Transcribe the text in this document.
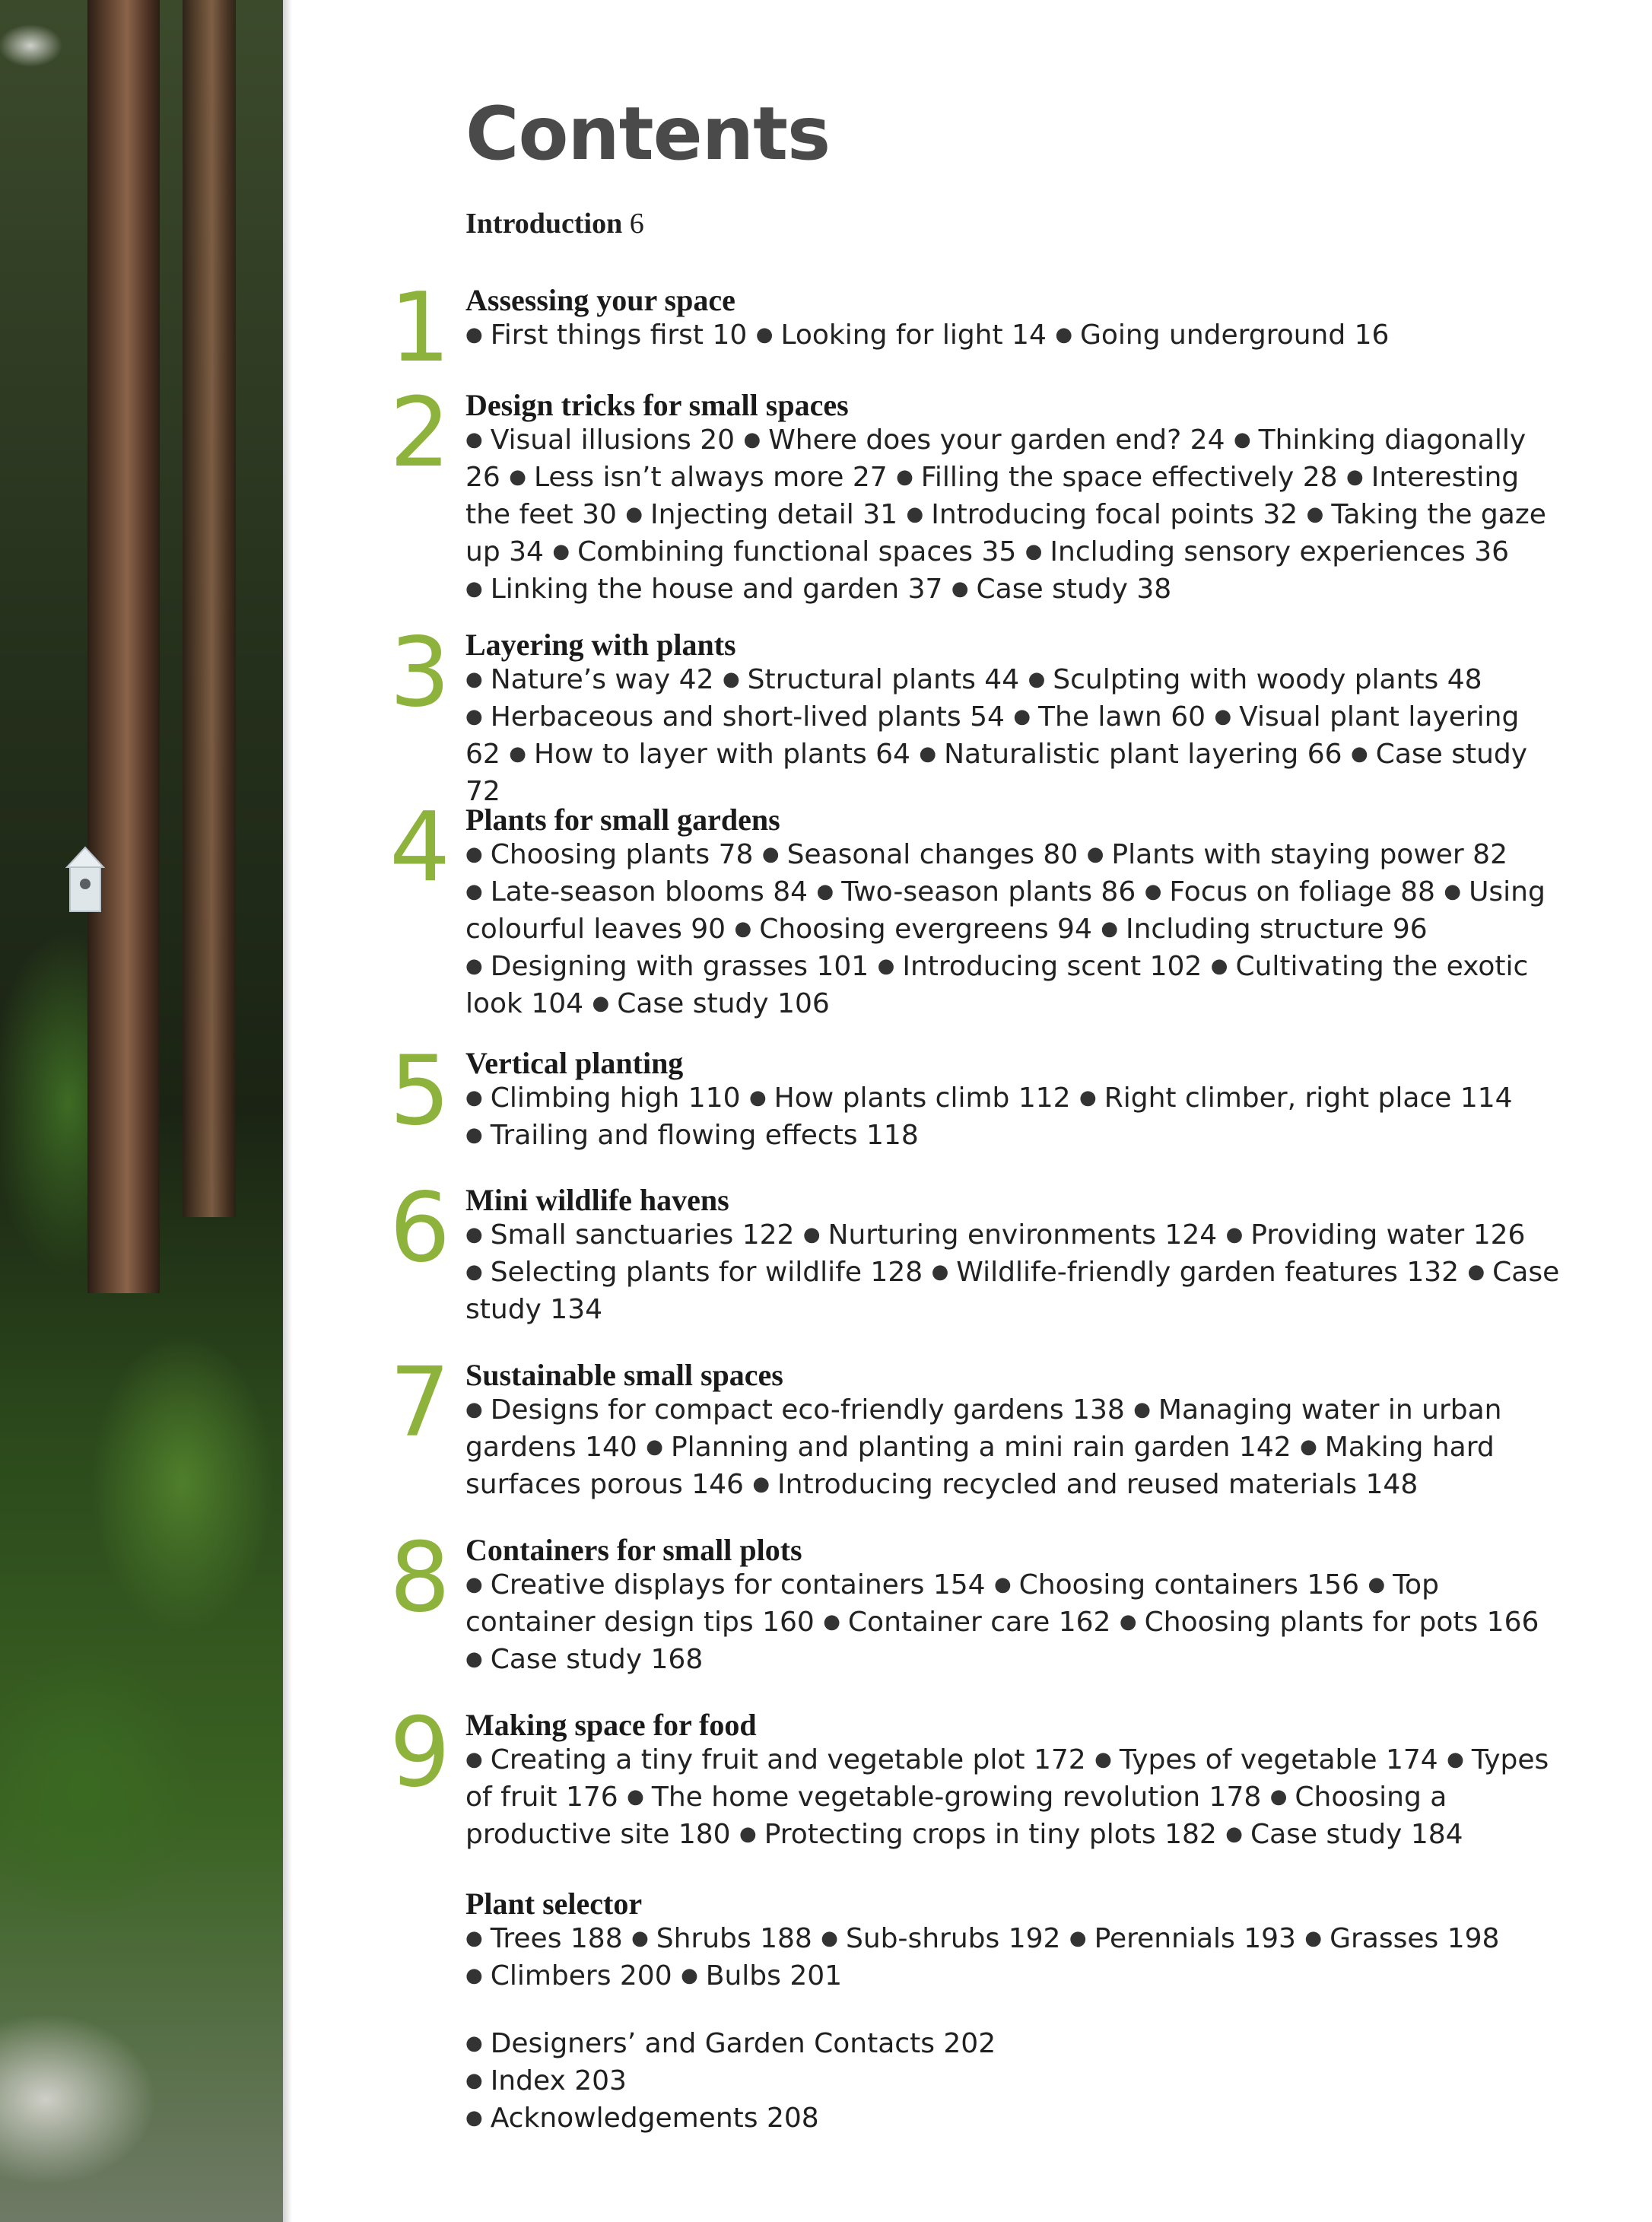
Contents
Introduction 6
1 Assessing your space
● First things first 10 ● Looking for light 14 ● Going underground 16
2 Design tricks for small spaces
● Visual illusions 20 ● Where does your garden end? 24 ● Thinking diagonally 26 ● Less isn’t always more 27 ● Filling the space effectively 28 ● Interesting the feet 30 ● Injecting detail 31 ● Introducing focal points 32 ● Taking the gaze up 34 ● Combining functional spaces 35 ● Including sensory experiences 36 ● Linking the house and garden 37 ● Case study 38
3 Layering with plants
● Nature’s way 42 ● Structural plants 44 ● Sculpting with woody plants 48 ● Herbaceous and short-lived plants 54 ● The lawn 60 ● Visual plant layering 62 ● How to layer with plants 64 ● Naturalistic plant layering 66 ● Case study 72
4 Plants for small gardens
● Choosing plants 78 ● Seasonal changes 80 ● Plants with staying power 82 ● Late-season blooms 84 ● Two-season plants 86 ● Focus on foliage 88 ● Using colourful leaves 90 ● Choosing evergreens 94 ● Including structure 96 ● Designing with grasses 101 ● Introducing scent 102 ● Cultivating the exotic look 104 ● Case study 106
5 Vertical planting
● Climbing high 110 ● How plants climb 112 ● Right climber, right place 114 ● Trailing and flowing effects 118
6 Mini wildlife havens
● Small sanctuaries 122 ● Nurturing environments 124 ● Providing water 126 ● Selecting plants for wildlife 128 ● Wildlife-friendly garden features 132 ● Case study 134
7 Sustainable small spaces
● Designs for compact eco-friendly gardens 138 ● Managing water in urban gardens 140 ● Planning and planting a mini rain garden 142 ● Making hard surfaces porous 146 ● Introducing recycled and reused materials 148
8 Containers for small plots
● Creative displays for containers 154 ● Choosing containers 156 ● Top container design tips 160 ● Container care 162 ● Choosing plants for pots 166 ● Case study 168
9 Making space for food
● Creating a tiny fruit and vegetable plot 172 ● Types of vegetable 174 ● Types of fruit 176 ● The home vegetable-growing revolution 178 ● Choosing a productive site 180 ● Protecting crops in tiny plots 182 ● Case study 184
Plant selector
● Trees 188 ● Shrubs 188 ● Sub-shrubs 192 ● Perennials 193 ● Grasses 198 ● Climbers 200 ● Bulbs 201
● Designers’ and Garden Contacts 202
● Index 203
● Acknowledgements 208
